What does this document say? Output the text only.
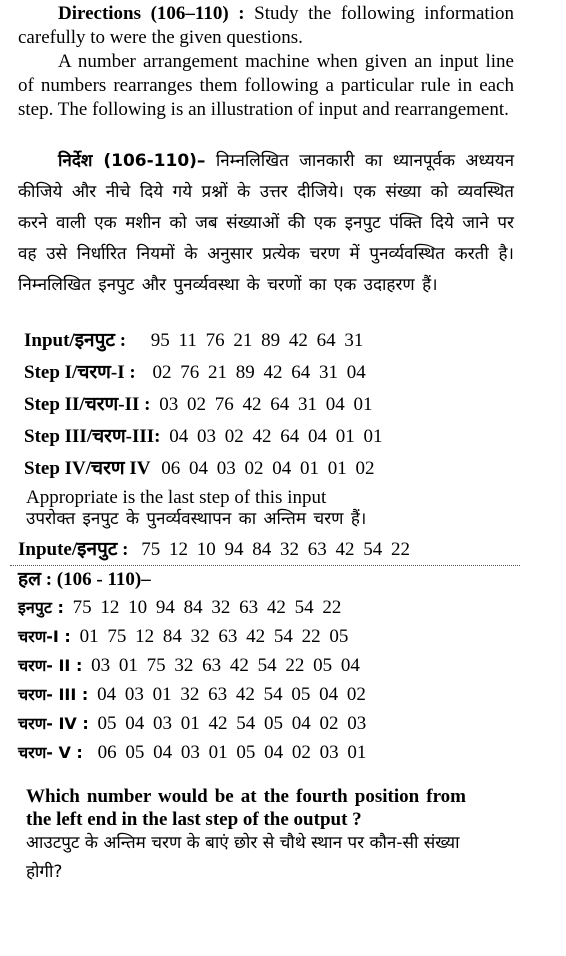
Directions (106–110) : Study the following information carefully to were the given questions.

A number arrangement machine when given an input line of numbers rearranges them following a particular rule in each step. The following is an illustration of input and rearrangement.

निर्देश (106-110)– निम्नलिखित जानकारी का ध्यानपूर्वक अध्ययन कीजिये और नीचे दिये गये प्रश्नों के उत्तर दीजिये। एक संख्या को व्यवस्थित करने वाली एक मशीन को जब संख्याओं की एक इनपुट पंक्ति दिये जाने पर वह उसे निर्धारित नियमों के अनुसार प्रत्येक चरण में पुनर्व्यवस्थित करती है। निम्नलिखित इनपुट और पुनर्व्यवस्था के चरणों का एक उदाहरण हैं।

Input/इनपुट : 95 11 76 21 89 42 64 31
Step I/चरण-I : 02 76 21 89 42 64 31 04
Step II/चरण-II : 03 02 76 42 64 31 04 01
Step III/चरण-III: 04 03 02 42 64 04 01 01
Step IV/चरण IV 06 04 03 02 04 01 01 02
Appropriate is the last step of this input
उपरोक्त इनपुट के पुनर्व्यवस्थापन का अन्तिम चरण हैं।
Inpute/इनपुट : 75 12 10 94 84 32 63 42 54 22
हल : (106 - 110)–
इनपुट : 75 12 10 94 84 32 63 42 54 22
चरण-I : 01 75 12 84 32 63 42 54 22 05
चरण- II : 03 01 75 32 63 42 54 22 05 04
चरण- III : 04 03 01 32 63 42 54 05 04 02
चरण- IV : 05 04 03 01 42 54 05 04 02 03
चरण- V : 06 05 04 03 01 05 04 02 03 01
Which number would be at the fourth position from the left end in the last step of the output ?
आउटपुट के अन्तिम चरण के बाएं छोर से चौथे स्थान पर कौन-सी संख्या होगी?
